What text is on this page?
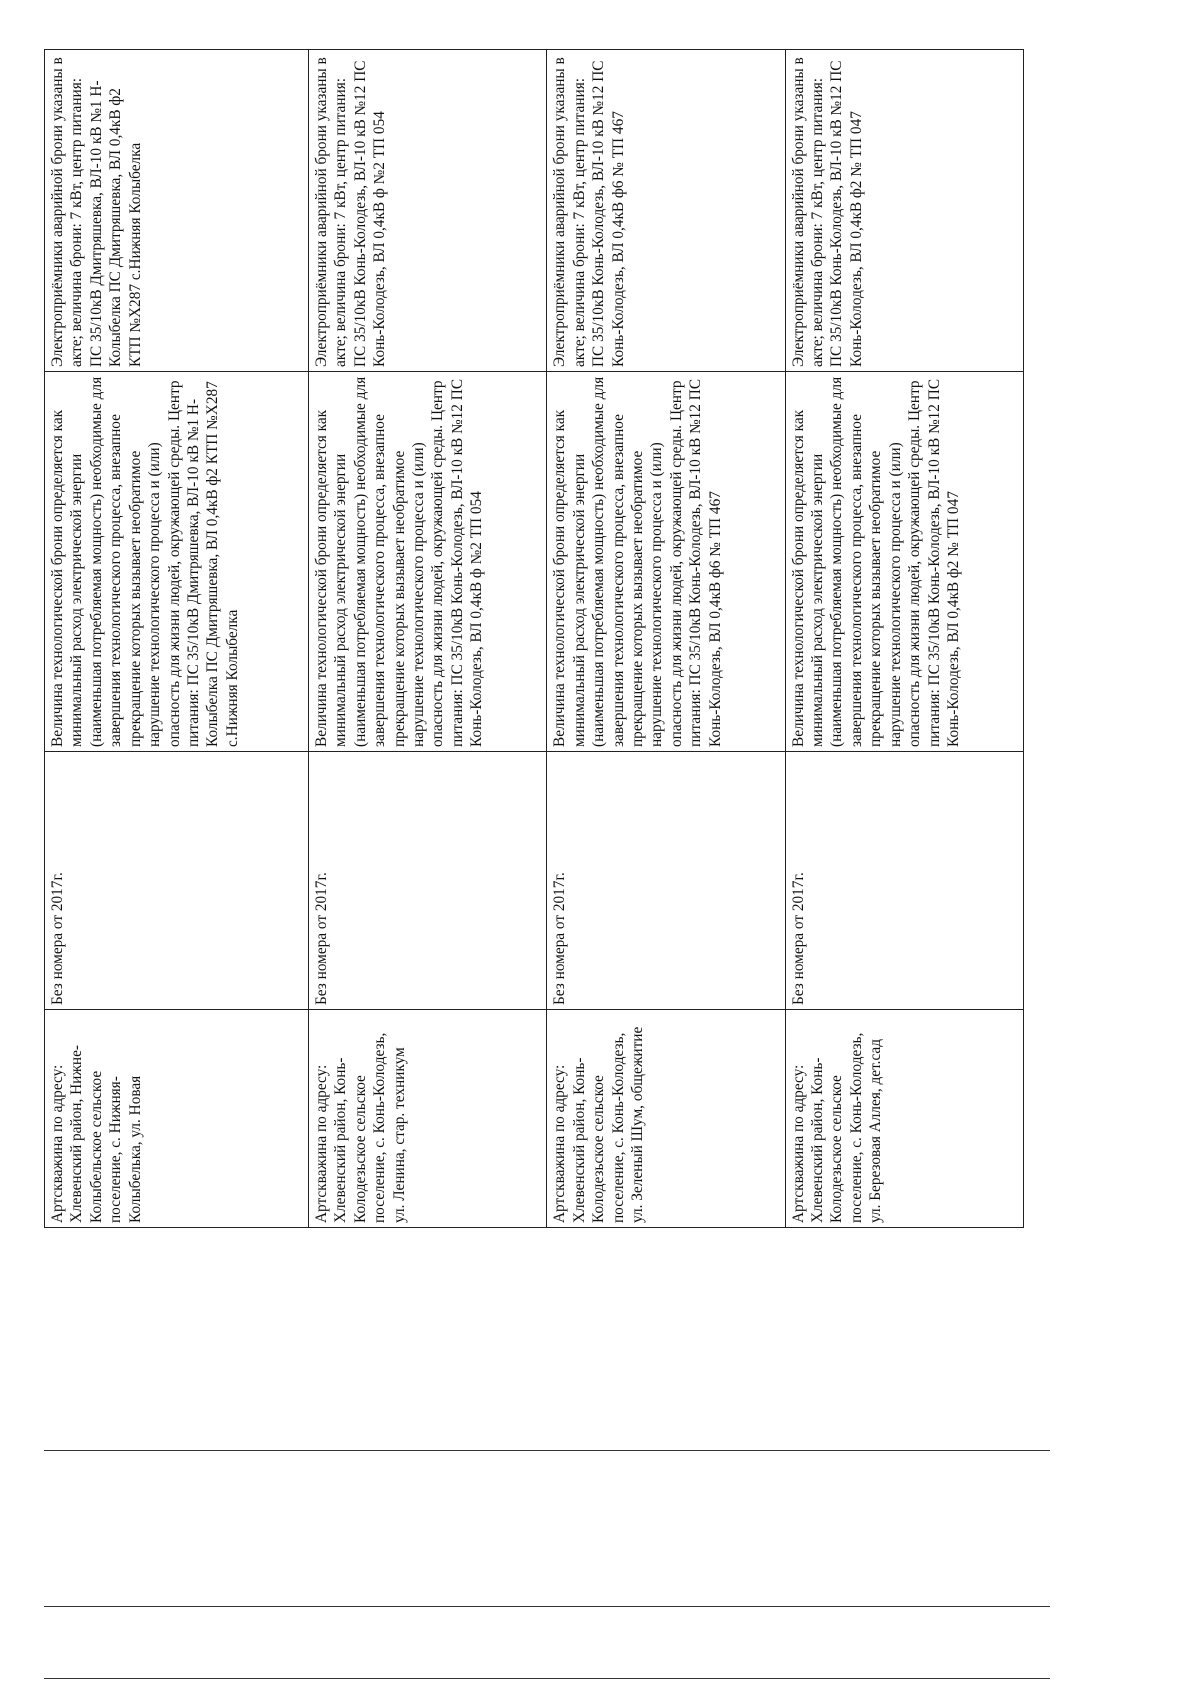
Артскважина по адресу: Хлевенский район, Нижне-Колыбельское сельское поселение, с. Нижняя-Колыбелька, ул. Новая	Без номера от 2017г.	Величина технологической брони определяется как минимальный расход электрической энергии (наименьшая потребляемая мощность) необходимые для завершения технологического процесса, внезапное прекращение которых вызывает необратимое нарушение технологического процесса и (или) опасность для жизни людей, окружающей среды. Центр питания: ПС 35/10кВ Дмитряшевка, ВЛ-10 кВ №1 Н-Колыбелка ПС Дмитряшевка, ВЛ 0,4кВ ф2 КТП №Х287 с.Нижняя Колыбелка	Электроприёмники аварийной брони указаны в акте; величина брони: 7 кВт, центр питания: ПС 35/10кВ Дмитряшевка, ВЛ-10 кВ №1 Н-Колыбелка ПС Дмитряшевка, ВЛ 0,4кВ ф2 КТП №Х287 с.Нижняя Колыбелка
Артскважина по адресу: Хлевенский район, Конь-Колодезьское сельское поселение, с. Конь-Колодезь, ул. Ленина, стар. техникум	Без номера от 2017г.	Величина технологической брони определяется как минимальный расход электрической энергии (наименьшая потребляемая мощность) необходимые для завершения технологического процесса, внезапное прекращение которых вызывает необратимое нарушение технологического процесса и (или) опасность для жизни людей, окружающей среды. Центр питания: ПС 35/10кВ Конь-Колодезь, ВЛ-10 кВ №12 ПС Конь-Колодезь, ВЛ 0,4кВ ф №2 ТП 054	Электроприёмники аварийной брони указаны в акте; величина брони: 7 кВт, центр питания: ПС 35/10кВ Конь-Колодезь, ВЛ-10 кВ №12 ПС Конь-Колодезь, ВЛ 0,4кВ ф №2 ТП 054
Артскважина по адресу: Хлевенский район, Конь-Колодезьское сельское поселение, с. Конь-Колодезь, ул. Зеленый Шум, общежитие	Без номера от 2017г.	Величина технологической брони определяется как минимальный расход электрической энергии (наименьшая потребляемая мощность) необходимые для завершения технологического процесса, внезапное прекращение которых вызывает необратимое нарушение технологического процесса и (или) опасность для жизни людей, окружающей среды. Центр питания: ПС 35/10кВ Конь-Колодезь, ВЛ-10 кВ №12 ПС Конь-Колодезь, ВЛ 0,4кВ ф6 № ТП 467	Электроприёмники аварийной брони указаны в акте; величина брони: 7 кВт, центр питания: ПС 35/10кВ Конь-Колодезь, ВЛ-10 кВ №12 ПС Конь-Колодезь, ВЛ 0,4кВ ф6 № ТП 467
Артскважина по адресу: Хлевенский район, Конь-Колодезьское сельское поселение, с. Конь-Колодезь, ул. Березовая Аллея, дет.сад	Без номера от 2017г.	Величина технологической брони определяется как минимальный расход электрической энергии (наименьшая потребляемая мощность) необходимые для завершения технологического процесса, внезапное прекращение которых вызывает необратимое нарушение технологического процесса и (или) опасность для жизни людей, окружающей среды. Центр питания: ПС 35/10кВ Конь-Колодезь, ВЛ-10 кВ №12 ПС Конь-Колодезь, ВЛ 0,4кВ ф2 № ТП 047	Электроприёмники аварийной брони указаны в акте; величина брони: 7 кВт, центр питания: ПС 35/10кВ Конь-Колодезь, ВЛ-10 кВ №12 ПС Конь-Колодезь, ВЛ 0,4кВ ф2 № ТП 047
